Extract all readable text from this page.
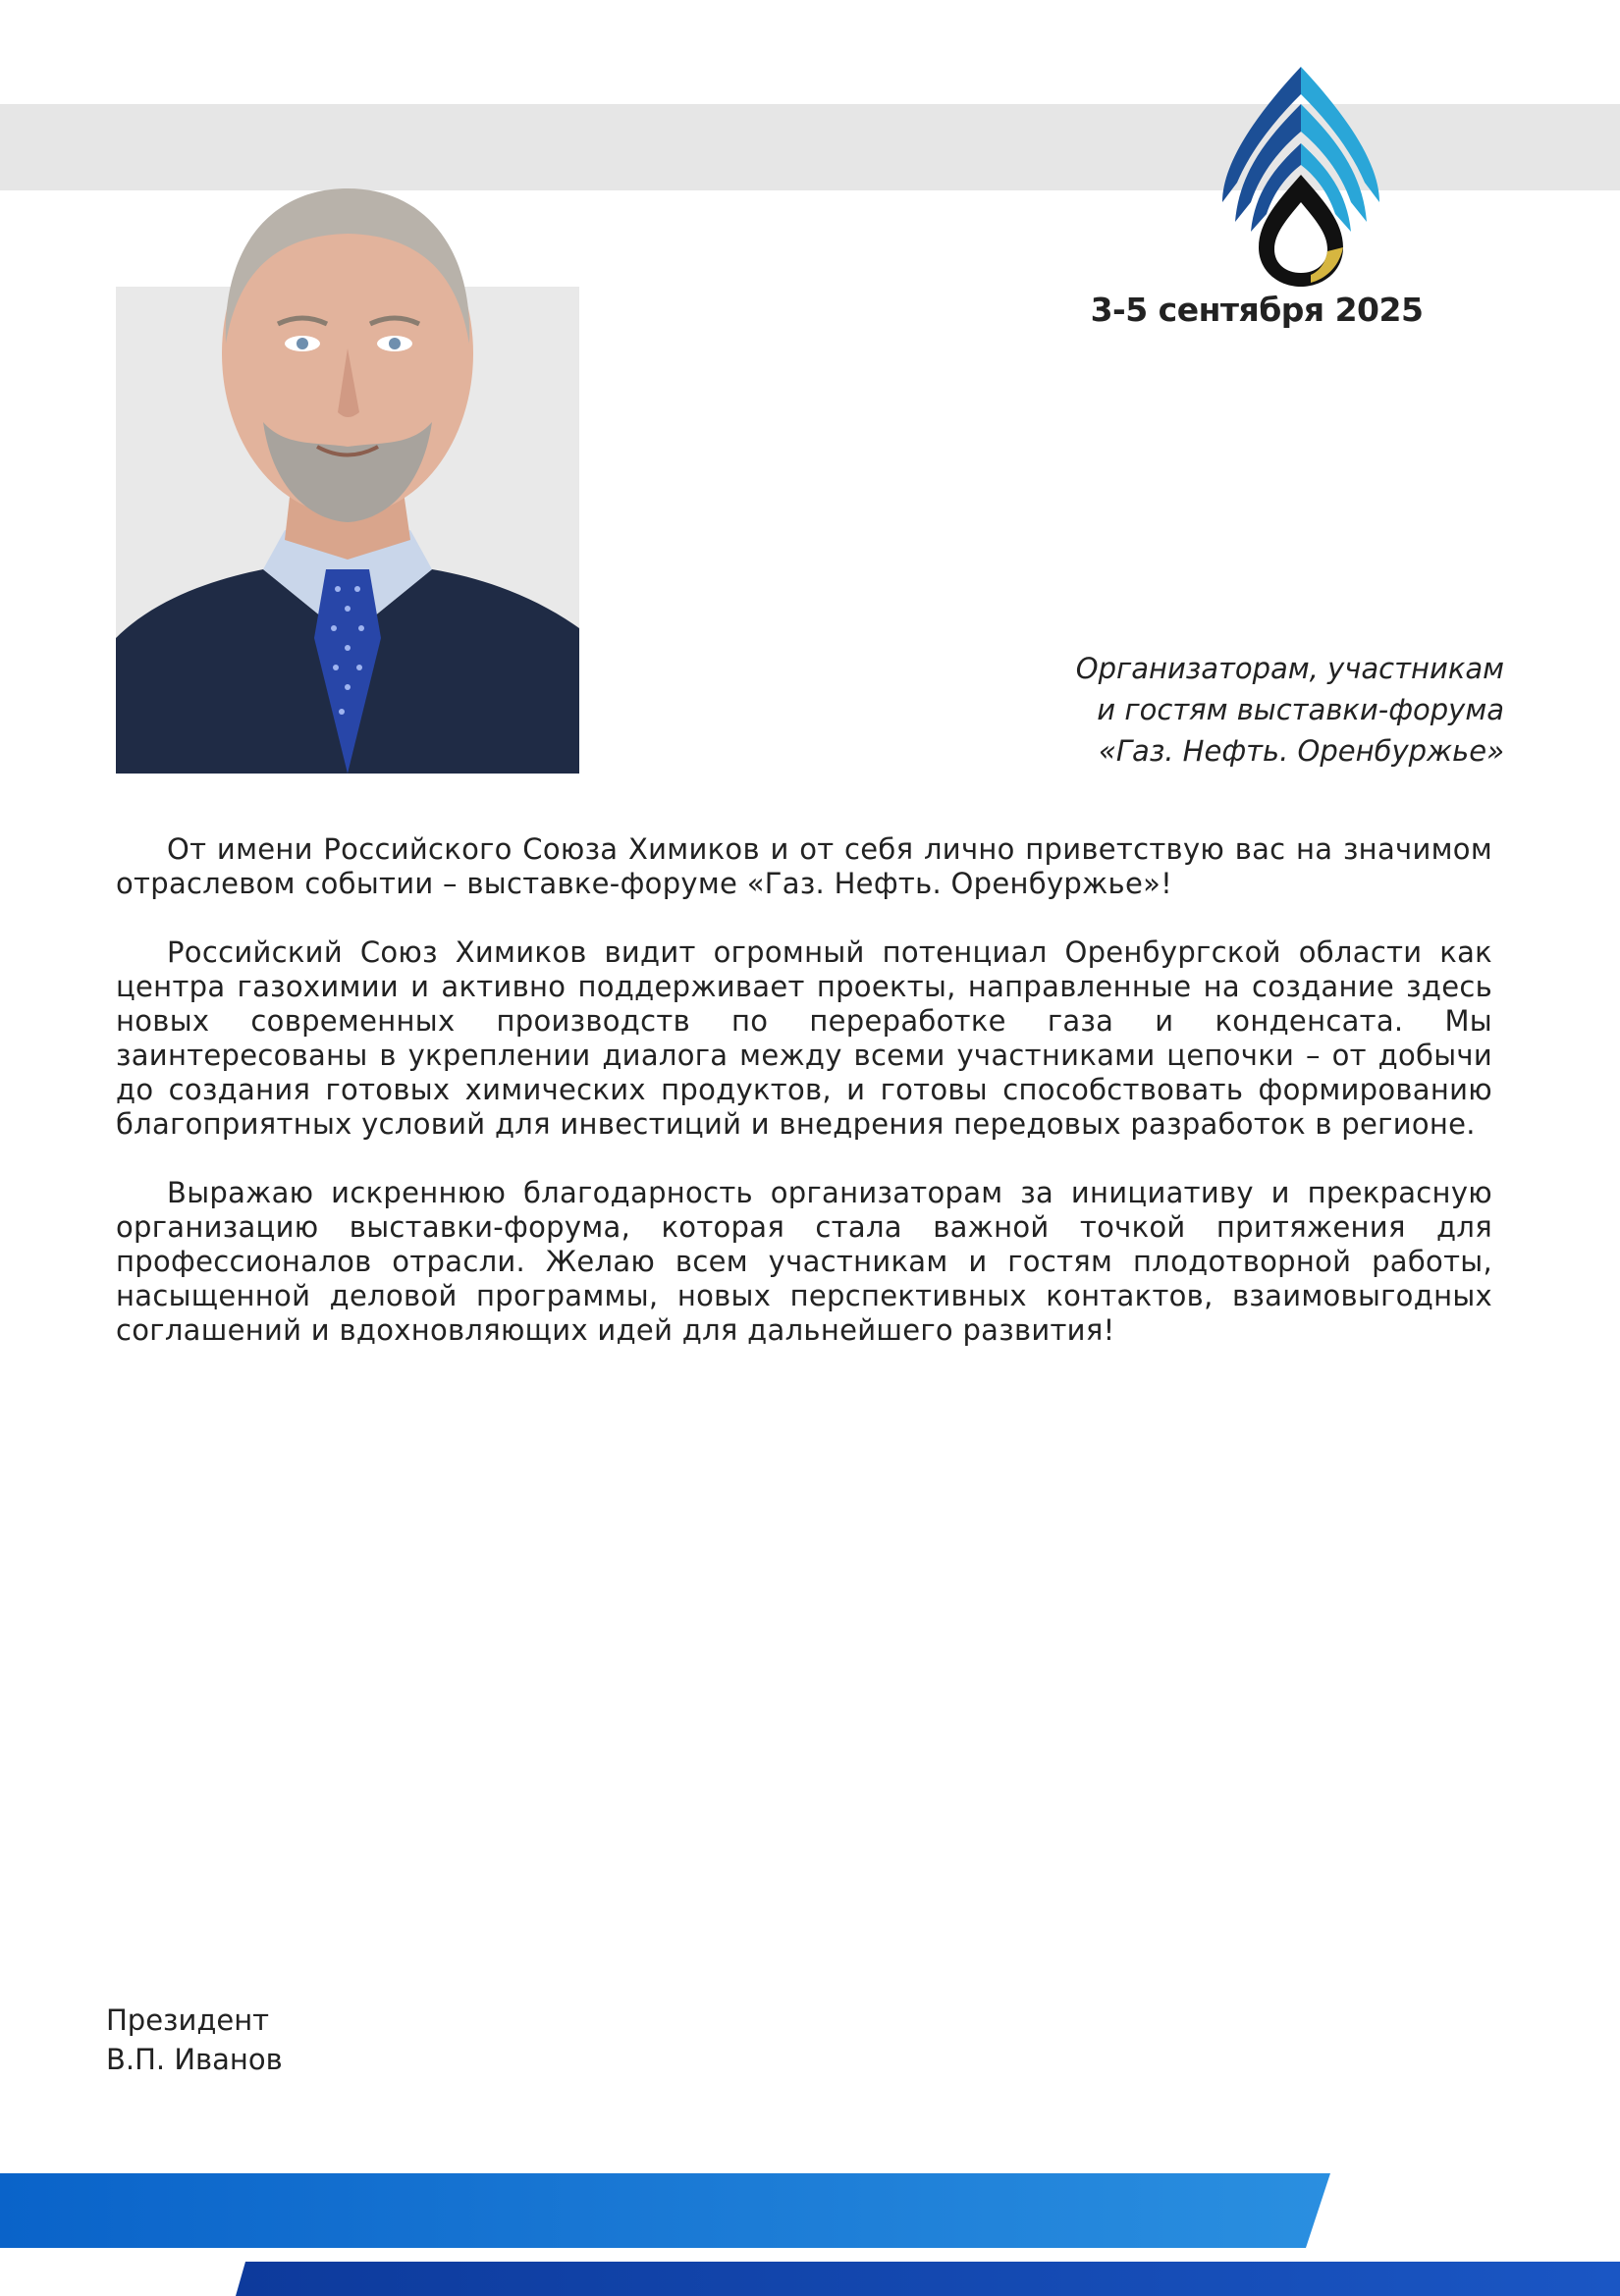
3-5 сентября 2025
Организаторам, участникам
и гостям выставки-форума
«Газ. Нефть. Оренбуржье»

От имени Российского Союза Химиков и от себя лично приветствую вас на значимом отраслевом событии – выставке-форуме «Газ. Нефть. Оренбуржье»!

Российский Союз Химиков видит огромный потенциал Оренбургской области как центра газохимии и активно поддерживает проекты, направленные на создание здесь новых современных производств по переработке газа и конденсата. Мы заинтересованы в укреплении диалога между всеми участниками цепочки – от добычи до создания готовых химических продуктов, и готовы способствовать формированию благоприятных условий для инвестиций и внедрения передовых разработок в регионе.

Выражаю искреннюю благодарность организаторам за инициативу и прекрасную организацию выставки-форума, которая стала важной точкой притяжения для профессионалов отрасли. Желаю всем участникам и гостям плодотворной работы, насыщенной деловой программы, новых перспективных контактов, взаимовыгодных соглашений и вдохновляющих идей для дальнейшего развития!

Президент
В.П. Иванов
